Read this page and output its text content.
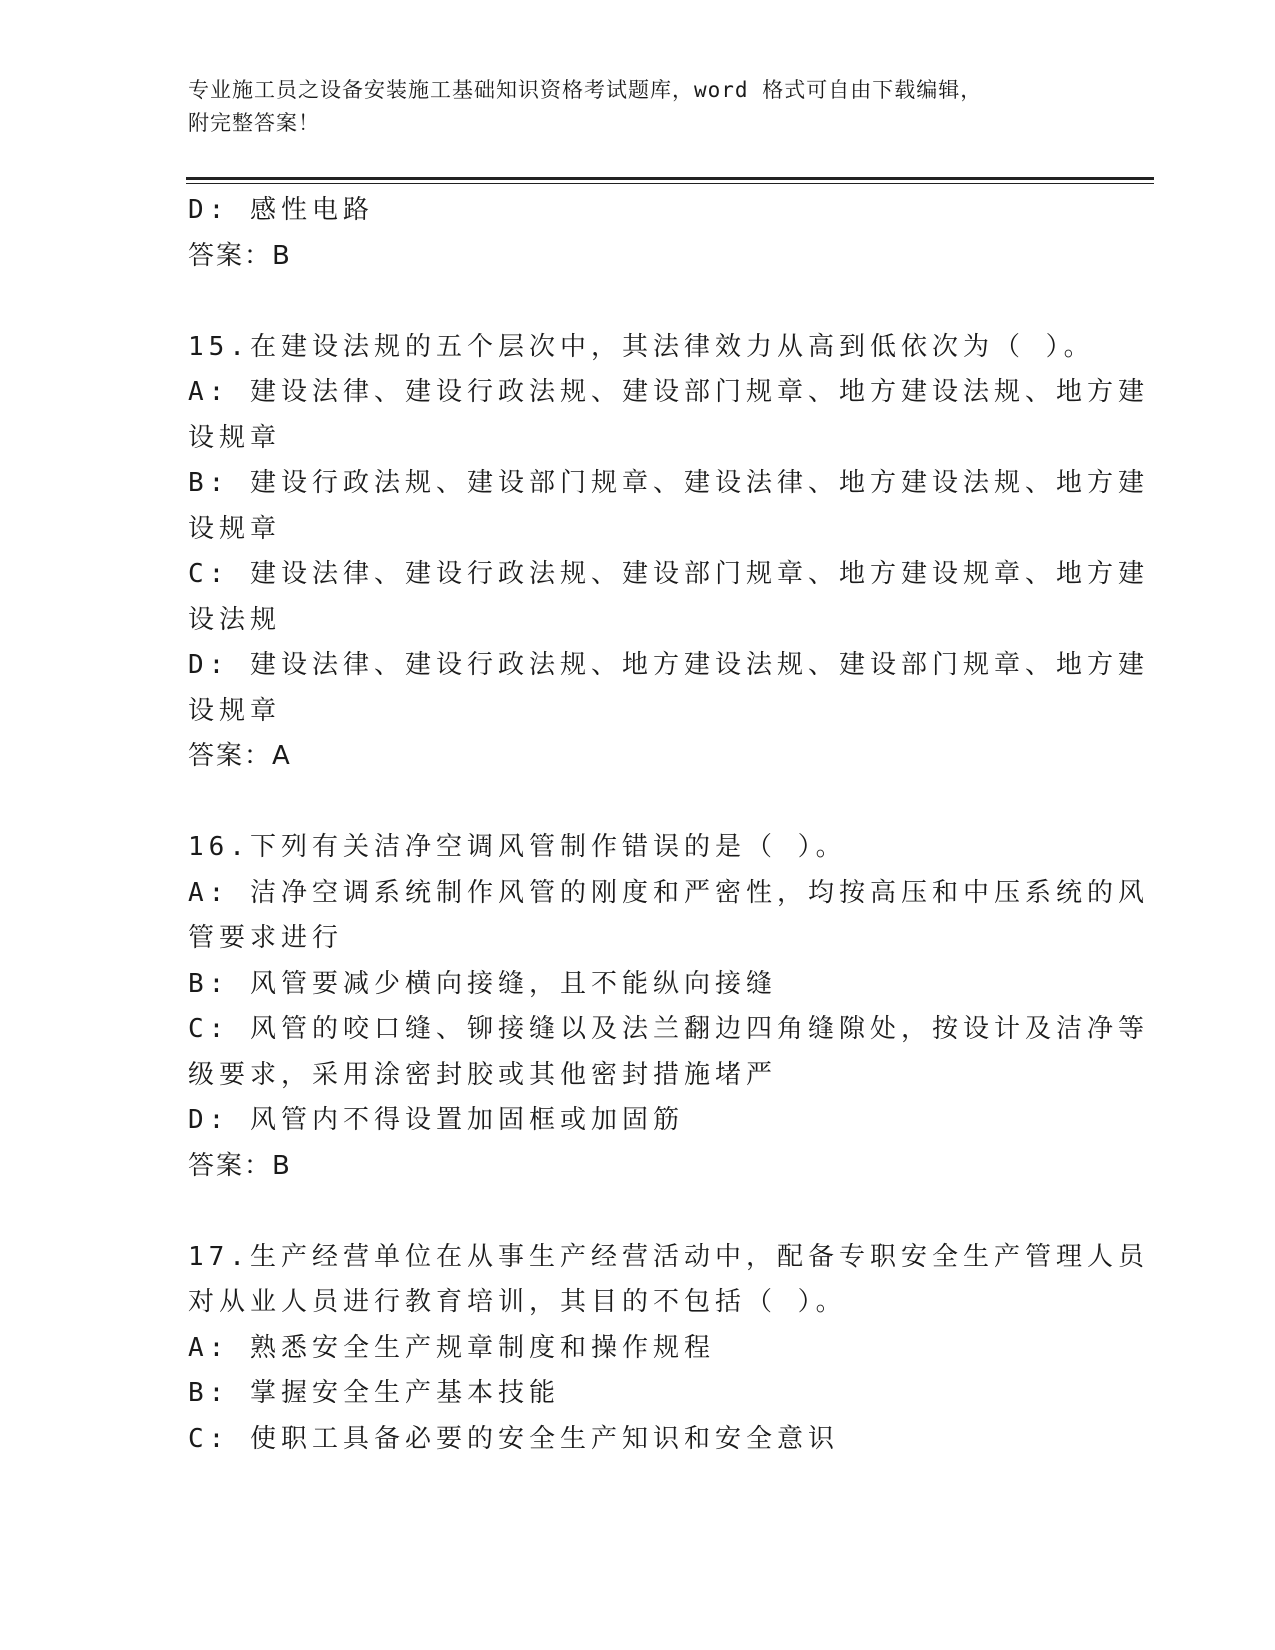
专业施工员之设备安装施工基础知识资格考试题库，word 格式可自由下载编辑，
附完整答案！
D: 感性电路
答案：B
15.在建设法规的五个层次中，其法律效力从高到低依次为（ ）。
A: 建设法律、建设行政法规、建设部门规章、地方建设法规、地方建
设规章
B: 建设行政法规、建设部门规章、建设法律、地方建设法规、地方建
设规章
C: 建设法律、建设行政法规、建设部门规章、地方建设规章、地方建
设法规
D: 建设法律、建设行政法规、地方建设法规、建设部门规章、地方建
设规章
答案：A
16.下列有关洁净空调风管制作错误的是（ ）。
A: 洁净空调系统制作风管的刚度和严密性，均按高压和中压系统的风
管要求进行
B: 风管要减少横向接缝，且不能纵向接缝
C: 风管的咬口缝、铆接缝以及法兰翻边四角缝隙处，按设计及洁净等
级要求，采用涂密封胶或其他密封措施堵严
D: 风管内不得设置加固框或加固筋
答案：B
17.生产经营单位在从事生产经营活动中，配备专职安全生产管理人员
对从业人员进行教育培训，其目的不包括（ ）。
A: 熟悉安全生产规章制度和操作规程
B: 掌握安全生产基本技能
C: 使职工具备必要的安全生产知识和安全意识
